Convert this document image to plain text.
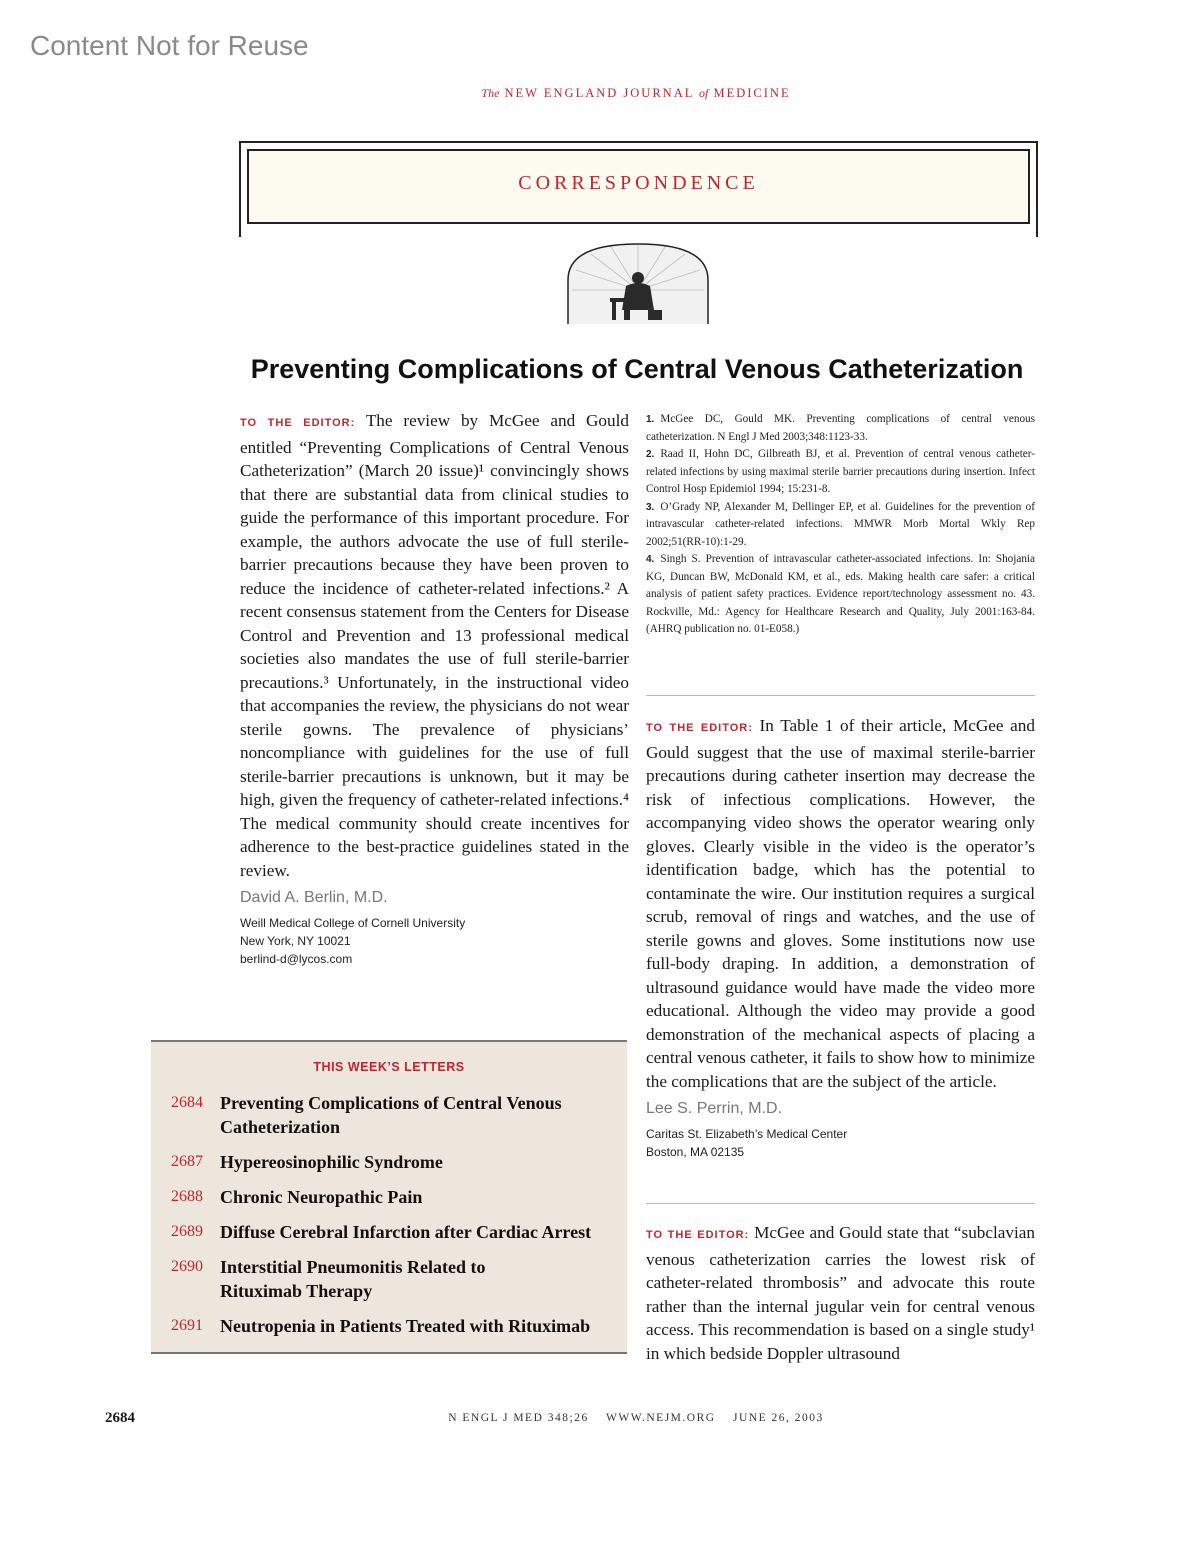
Content Not for Reuse
The NEW ENGLAND JOURNAL of MEDICINE
CORRESPONDENCE
Preventing Complications of Central Venous Catheterization

TO THE EDITOR: The review by McGee and Gould entitled “Preventing Complications of Central Venous Catheterization” (March 20 issue)¹ convincingly shows that there are substantial data from clinical studies to guide the performance of this important procedure. For example, the authors advocate the use of full sterile-barrier precautions because they have been proven to reduce the incidence of catheter-related infections.² A recent consensus statement from the Centers for Disease Control and Prevention and 13 professional medical societies also mandates the use of full sterile-barrier precautions.³ Unfortunately, in the instructional video that accompanies the review, the physicians do not wear sterile gowns. The prevalence of physicians’ noncompliance with guidelines for the use of full sterile-barrier precautions is unknown, but it may be high, given the frequency of catheter-related infections.⁴ The medical community should create incentives for adherence to the best-practice guidelines stated in the review.

David A. Berlin, M.D.
Weill Medical College of Cornell University
New York, NY 10021
berlind-d@lycos.com

1. McGee DC, Gould MK. Preventing complications of central venous catheterization. N Engl J Med 2003;348:1123-33.

2. Raad II, Hohn DC, Gilbreath BJ, et al. Prevention of central venous catheter-related infections by using maximal sterile barrier precautions during insertion. Infect Control Hosp Epidemiol 1994; 15:231-8.

3. O’Grady NP, Alexander M, Dellinger EP, et al. Guidelines for the prevention of intravascular catheter-related infections. MMWR Morb Mortal Wkly Rep 2002;51(RR-10):1-29.

4. Singh S. Prevention of intravascular catheter-associated infections. In: Shojania KG, Duncan BW, McDonald KM, et al., eds. Making health care safer: a critical analysis of patient safety practices. Evidence report/technology assessment no. 43. Rockville, Md.: Agency for Healthcare Research and Quality, July 2001:163-84. (AHRQ publication no. 01-E058.)

TO THE EDITOR: In Table 1 of their article, McGee and Gould suggest that the use of maximal sterile-barrier precautions during catheter insertion may decrease the risk of infectious complications. However, the accompanying video shows the operator wearing only gloves. Clearly visible in the video is the operator’s identification badge, which has the potential to contaminate the wire. Our institution requires a surgical scrub, removal of rings and watches, and the use of sterile gowns and gloves. Some institutions now use full-body draping. In addition, a demonstration of ultrasound guidance would have made the video more educational. Although the video may provide a good demonstration of the mechanical aspects of placing a central venous catheter, it fails to show how to minimize the complications that are the subject of the article.

Lee S. Perrin, M.D.
Caritas St. Elizabeth’s Medical Center
Boston, MA 02135

TO THE EDITOR: McGee and Gould state that “subclavian venous catheterization carries the lowest risk of catheter-related thrombosis” and advocate this route rather than the internal jugular vein for central venous access. This recommendation is based on a single study¹ in which bedside Doppler ultrasound

THIS WEEK’S LETTERS
2684 Preventing Complications of Central Venous Catheterization
2687 Hypereosinophilic Syndrome
2688 Chronic Neuropathic Pain
2689 Diffuse Cerebral Infarction after Cardiac Arrest
2690 Interstitial Pneumonitis Related to Rituximab Therapy
2691 Neutropenia in Patients Treated with Rituximab
2684	N ENGL J MED 348;26    WWW.NEJM.ORG    JUNE 26, 2003
